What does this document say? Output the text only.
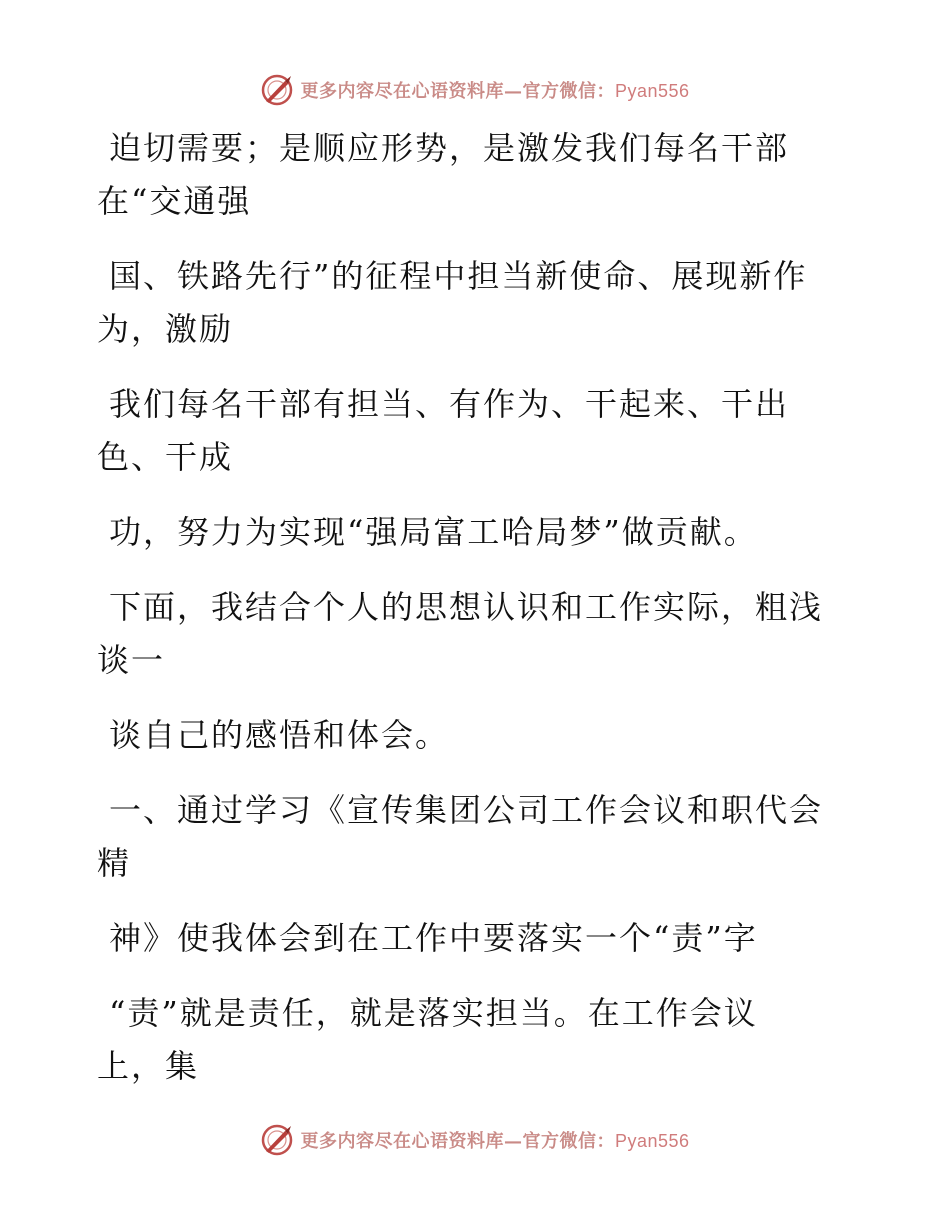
更多内容尽在心语资料库—官方微信：Pyan556

迫切需要；是顺应形势，是激发我们每名干部
在“交通强

国、铁路先行”的征程中担当新使命、展现新作
为，激励

我们每名干部有担当、有作为、干起来、干出
色、干成

功，努力为实现“强局富工哈局梦”做贡献。

下面，我结合个人的思想认识和工作实际，粗浅
谈一

谈自己的感悟和体会。

一、通过学习《宣传集团公司工作会议和职代会
精

神》使我体会到在工作中要落实一个“责”字

“责”就是责任，就是落实担当。在工作会议
上，集

更多内容尽在心语资料库—官方微信：Pyan556
